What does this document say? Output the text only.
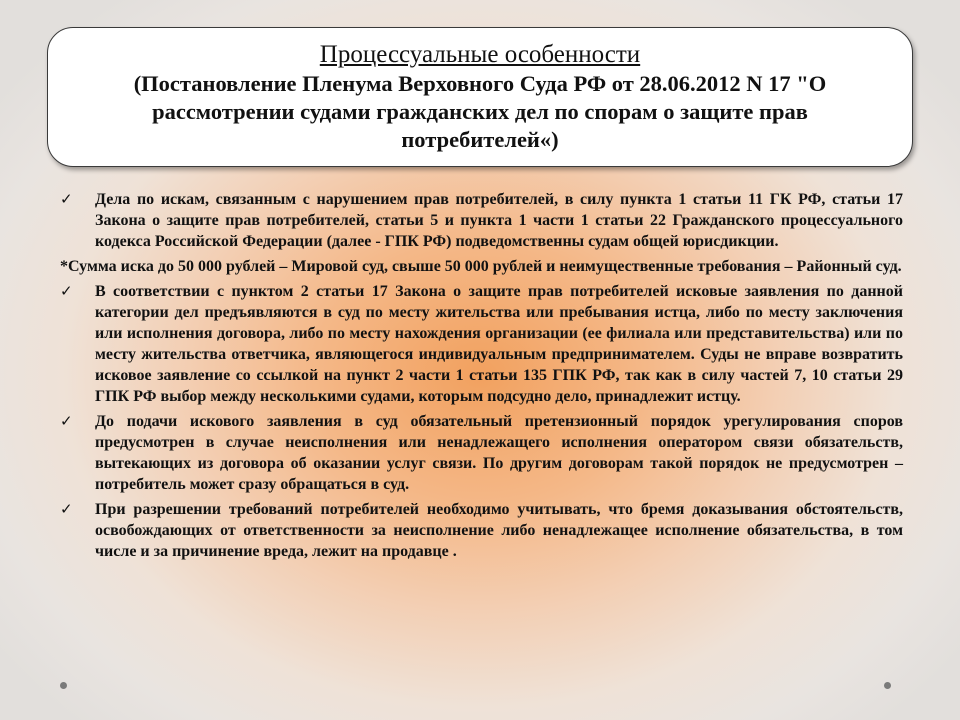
Процессуальные особенности
(Постановление Пленума Верховного Суда РФ от 28.06.2012 N 17 "О рассмотрении судами гражданских дел по спорам о защите прав потребителей«)
✓ Дела по искам, связанным с нарушением прав потребителей, в силу пункта 1 статьи 11 ГК РФ, статьи 17 Закона о защите прав потребителей, статьи 5 и пункта 1 части 1 статьи 22 Гражданского процессуального кодекса Российской Федерации (далее - ГПК РФ) подведомственны судам общей юрисдикции.
*Сумма иска до 50 000 рублей – Мировой суд, свыше 50 000 рублей и неимущественные требования – Районный суд.
✓ В соответствии с пунктом 2 статьи 17 Закона о защите прав потребителей исковые заявления по данной категории дел предъявляются в суд по месту жительства или пребывания истца, либо по месту заключения или исполнения договора, либо по месту нахождения организации (ее филиала или представительства) или по месту жительства ответчика, являющегося индивидуальным предпринимателем. Суды не вправе возвратить исковое заявление со ссылкой на пункт 2 части 1 статьи 135 ГПК РФ, так как в силу частей 7, 10 статьи 29 ГПК РФ выбор между несколькими судами, которым подсудно дело, принадлежит истцу.
✓ До подачи искового заявления в суд обязательный претензионный порядок урегулирования споров предусмотрен в случае неисполнения или ненадлежащего исполнения оператором связи обязательств, вытекающих из договора об оказании услуг связи. По другим договорам такой порядок не предусмотрен – потребитель может сразу обращаться в суд.
✓ При разрешении требований потребителей необходимо учитывать, что бремя доказывания обстоятельств, освобождающих от ответственности за неисполнение либо ненадлежащее исполнение обязательства, в том числе и за причинение вреда, лежит на продавце .
